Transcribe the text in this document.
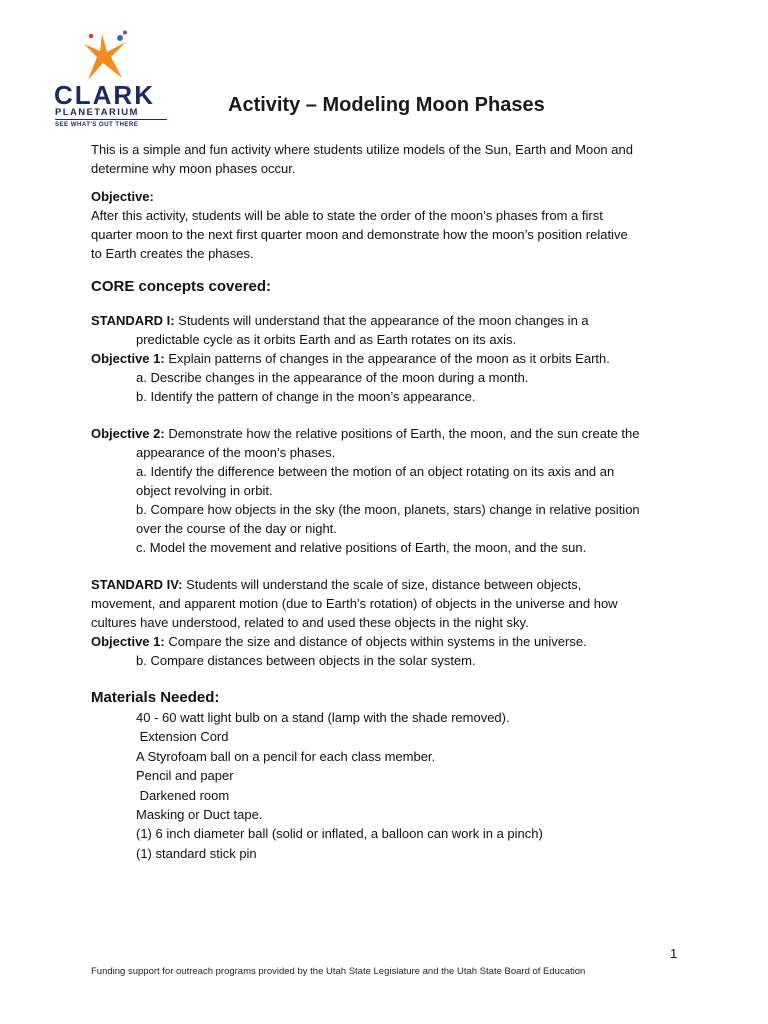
CLARK
PLANETARIUM
SEE WHAT'S OUT THERE
Activity – Modeling Moon Phases

This is a simple and fun activity where students utilize models of the Sun, Earth and Moon and

determine why moon phases occur.

Objective:

After this activity, students will be able to state the order of the moon’s phases from a first

quarter moon to the next first quarter moon and demonstrate how the moon’s position relative

to Earth creates the phases.

CORE concepts covered:

STANDARD I: Students will understand that the appearance of the moon changes in a

predictable cycle as it orbits Earth and as Earth rotates on its axis.

Objective 1: Explain patterns of changes in the appearance of the moon as it orbits Earth.

a. Describe changes in the appearance of the moon during a month.

b. Identify the pattern of change in the moon’s appearance.

Objective 2: Demonstrate how the relative positions of Earth, the moon, and the sun create the

appearance of the moon’s phases.

a. Identify the difference between the motion of an object rotating on its axis and an

object revolving in orbit.

b. Compare how objects in the sky (the moon, planets, stars) change in relative position

over the course of the day or night.

c. Model the movement and relative positions of Earth, the moon, and the sun.

STANDARD IV: Students will understand the scale of size, distance between objects,

movement, and apparent motion (due to Earth’s rotation) of objects in the universe and how

cultures have understood, related to and used these objects in the night sky.

Objective 1: Compare the size and distance of objects within systems in the universe.

b. Compare distances between objects in the solar system.

Materials Needed:

40 - 60 watt light bulb on a stand (lamp with the shade removed).

Extension Cord

A Styrofoam ball on a pencil for each class member.

Pencil and paper

Darkened room

Masking or Duct tape.

(1) 6 inch diameter ball (solid or inflated, a balloon can work in a pinch)

(1) standard stick pin

1
Funding support for outreach programs provided by the Utah State Legislature and the Utah State Board of Education
